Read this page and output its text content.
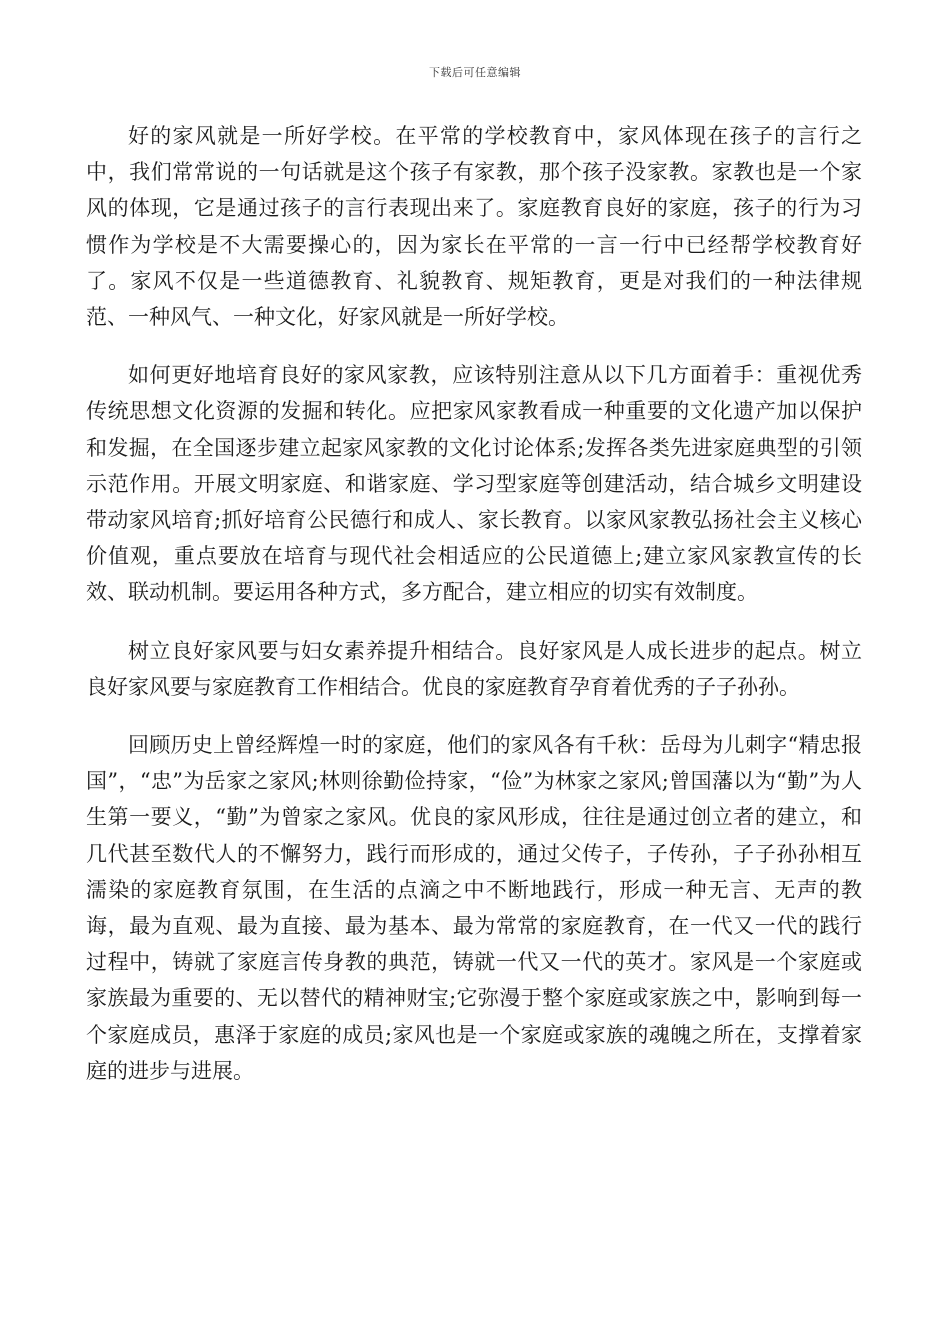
下载后可任意编辑

好的家风就是一所好学校。在平常的学校教育中，家风体现在孩子的言行之中，我们常常说的一句话就是这个孩子有家教，那个孩子没家教。家教也是一个家风的体现，它是通过孩子的言行表现出来了。家庭教育良好的家庭，孩子的行为习惯作为学校是不大需要操心的，因为家长在平常的一言一行中已经帮学校教育好了。家风不仅是一些道德教育、礼貌教育、规矩教育，更是对我们的一种法律规范、一种风气、一种文化，好家风就是一所好学校。

如何更好地培育良好的家风家教，应该特别注意从以下几方面着手：重视优秀传统思想文化资源的发掘和转化。应把家风家教看成一种重要的文化遗产加以保护和发掘，在全国逐步建立起家风家教的文化讨论体系;发挥各类先进家庭典型的引领示范作用。开展文明家庭、和谐家庭、学习型家庭等创建活动，结合城乡文明建设带动家风培育;抓好培育公民德行和成人、家长教育。以家风家教弘扬社会主义核心价值观，重点要放在培育与现代社会相适应的公民道德上;建立家风家教宣传的长效、联动机制。要运用各种方式，多方配合，建立相应的切实有效制度。

树立良好家风要与妇女素养提升相结合。良好家风是人成长进步的起点。树立良好家风要与家庭教育工作相结合。优良的家庭教育孕育着优秀的子子孙孙。

回顾历史上曾经辉煌一时的家庭，他们的家风各有千秋：岳母为儿刺字“精忠报国”，“忠”为岳家之家风;林则徐勤俭持家，“俭”为林家之家风;曾国藩以为“勤”为人生第一要义，“勤”为曾家之家风。优良的家风形成，往往是通过创立者的建立，和几代甚至数代人的不懈努力，践行而形成的，通过父传子，子传孙，子子孙孙相互濡染的家庭教育氛围，在生活的点滴之中不断地践行，形成一种无言、无声的教诲，最为直观、最为直接、最为基本、最为常常的家庭教育，在一代又一代的践行过程中，铸就了家庭言传身教的典范，铸就一代又一代的英才。家风是一个家庭或家族最为重要的、无以替代的精神财宝;它弥漫于整个家庭或家族之中，影响到每一个家庭成员，惠泽于家庭的成员;家风也是一个家庭或家族的魂魄之所在，支撑着家庭的进步与进展。
